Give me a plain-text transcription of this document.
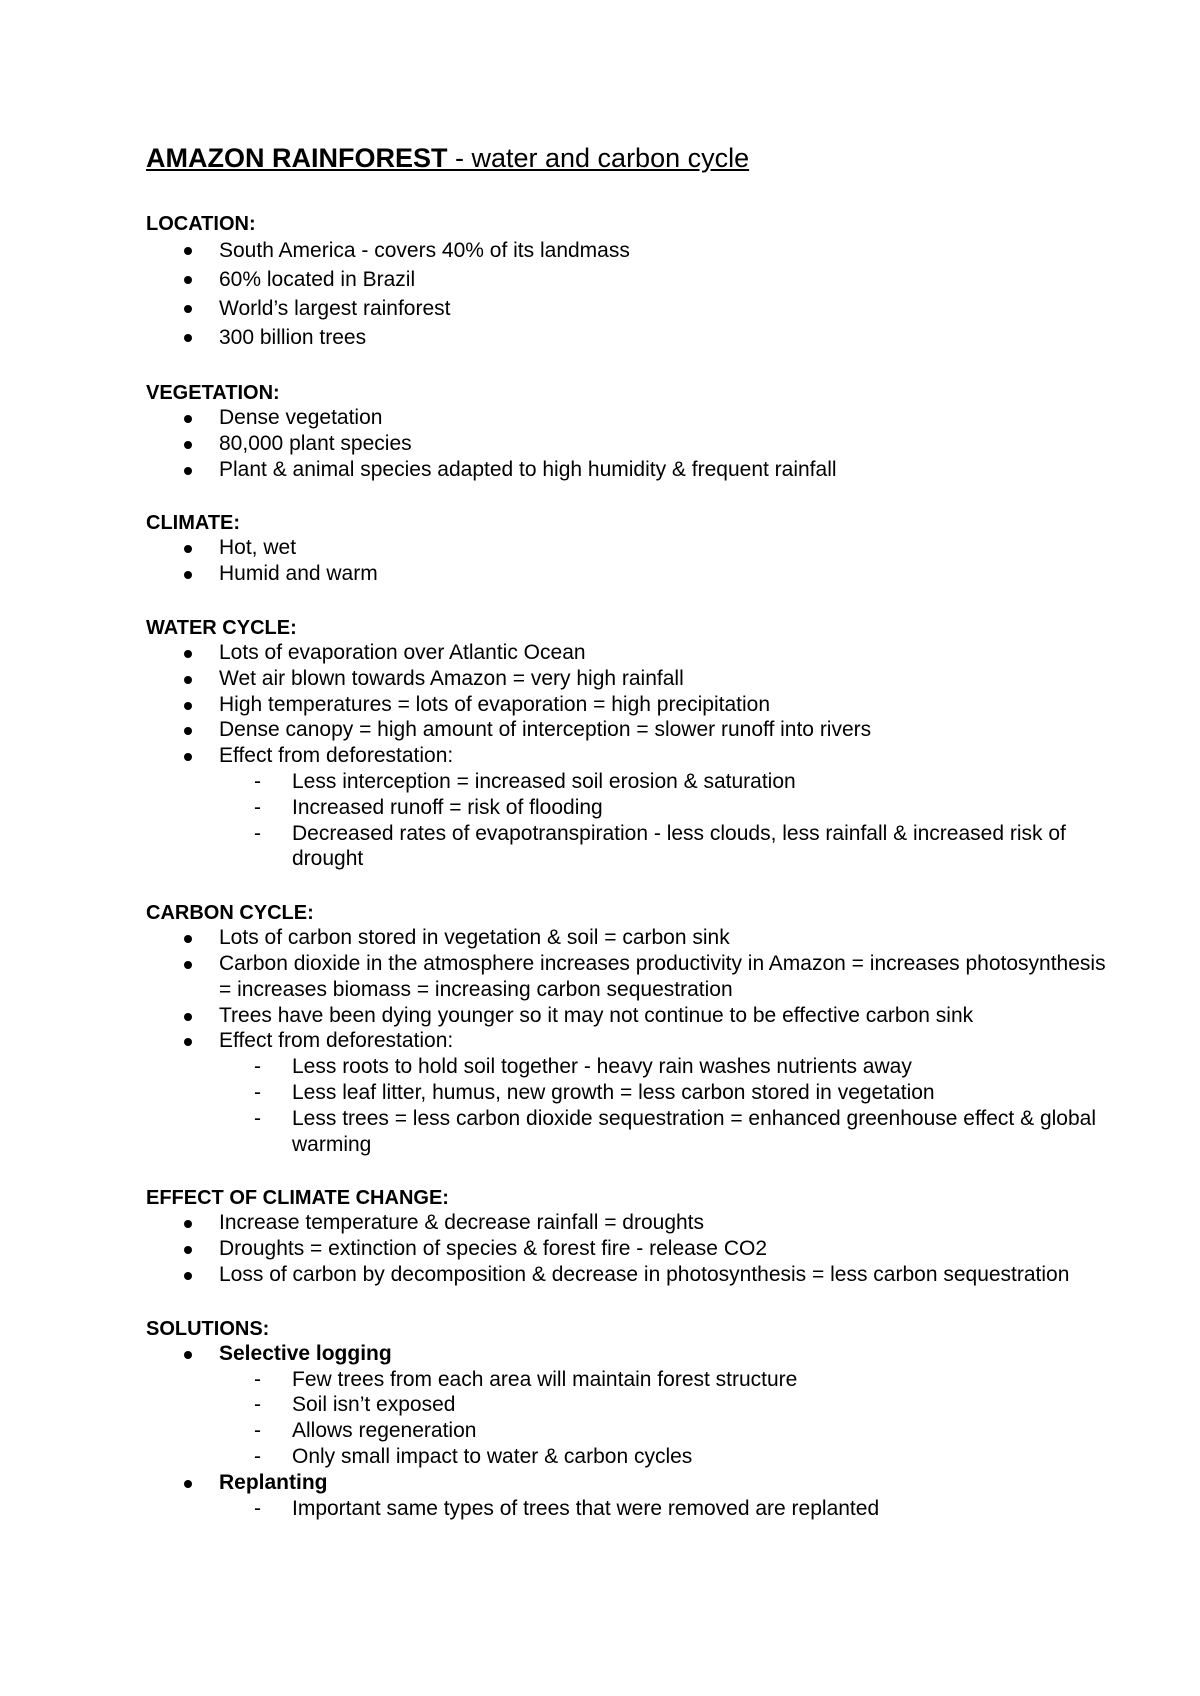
AMAZON RAINFOREST - water and carbon cycle
LOCATION:
South America - covers 40% of its landmass
60% located in Brazil
World’s largest rainforest
300 billion trees
VEGETATION:
Dense vegetation
80,000 plant species
Plant & animal species adapted to high humidity & frequent rainfall
CLIMATE:
Hot, wet
Humid and warm
WATER CYCLE:
Lots of evaporation over Atlantic Ocean
Wet air blown towards Amazon = very high rainfall
High temperatures = lots of evaporation = high precipitation
Dense canopy = high amount of interception = slower runoff into rivers
Effect from deforestation:
- Less interception = increased soil erosion & saturation
- Increased runoff = risk of flooding
- Decreased rates of evapotranspiration - less clouds, less rainfall & increased risk of drought
CARBON CYCLE:
Lots of carbon stored in vegetation & soil = carbon sink
Carbon dioxide in the atmosphere increases productivity in Amazon = increases photosynthesis = increases biomass = increasing carbon sequestration
Trees have been dying younger so it may not continue to be effective carbon sink
Effect from deforestation:
- Less roots to hold soil together - heavy rain washes nutrients away
- Less leaf litter, humus, new growth = less carbon stored in vegetation
- Less trees = less carbon dioxide sequestration = enhanced greenhouse effect & global warming
EFFECT OF CLIMATE CHANGE:
Increase temperature & decrease rainfall = droughts
Droughts = extinction of species & forest fire - release CO2
Loss of carbon by decomposition & decrease in photosynthesis = less carbon sequestration
SOLUTIONS:
Selective logging
- Few trees from each area will maintain forest structure
- Soil isn’t exposed
- Allows regeneration
- Only small impact to water & carbon cycles
Replanting
- Important same types of trees that were removed are replanted
